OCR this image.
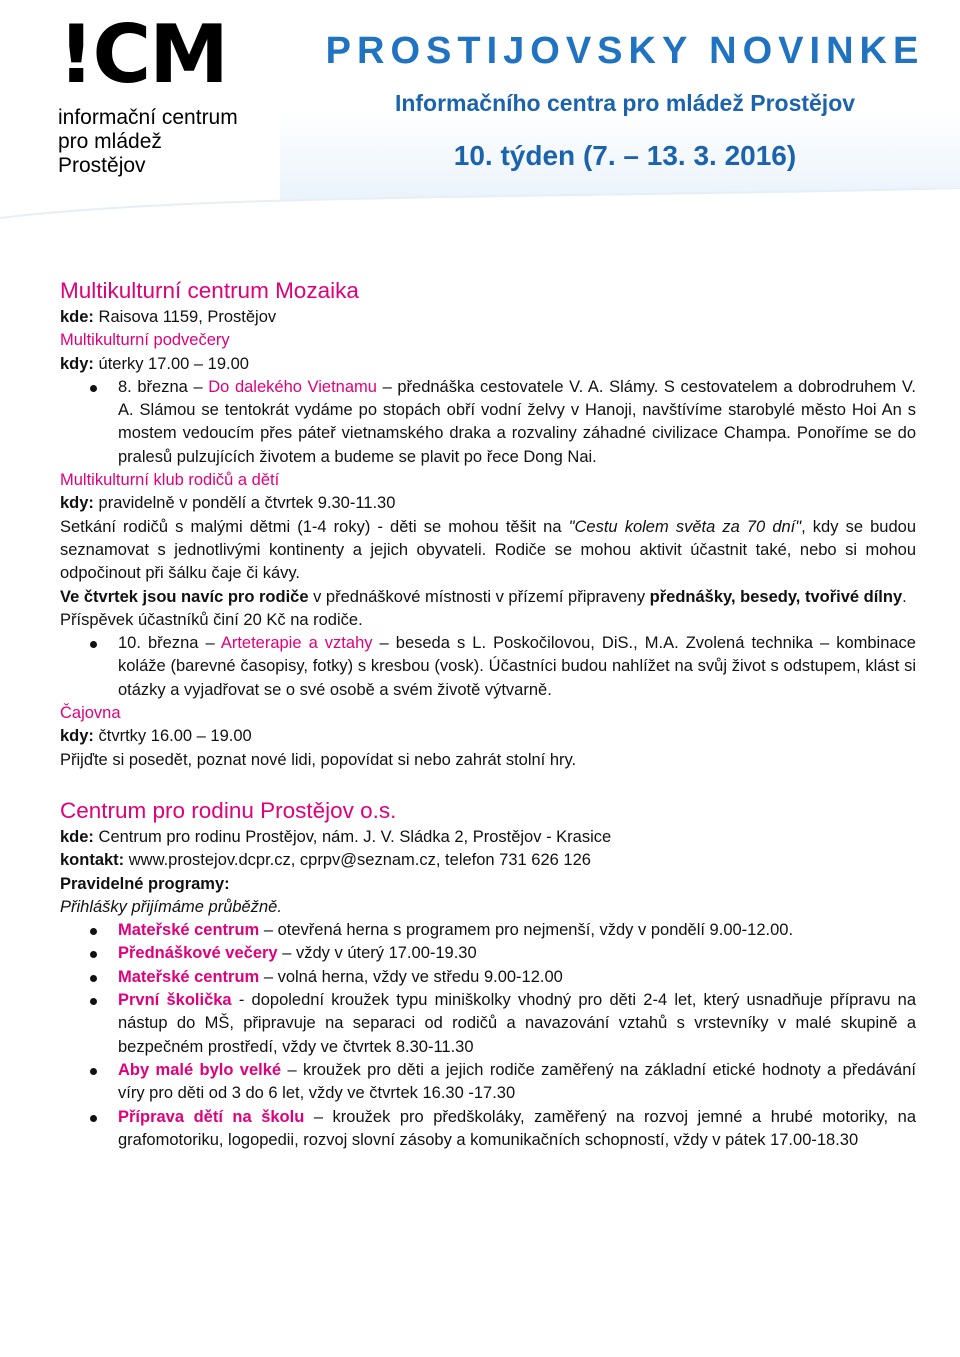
!CM
informační centrum
pro mládež
Prostějov
PROSTIJOVSKY NOVINKE
Informačního centra pro mládež Prostějov
10. týden (7. – 13. 3. 2016)
Multikulturní centrum Mozaika

kde: Raisova 1159, Prostějov

Multikulturní podvečery

kdy: úterky 17.00 – 19.00

8. března – Do dalekého Vietnamu – přednáška cestovatele V. A. Slámy. S cestovatelem a dobrodruhem V. A. Slámou se tentokrát vydáme po stopách obří vodní želvy v Hanoji, navštívíme starobylé město Hoi An s mostem vedoucím přes páteř vietnamského draka a rozvaliny záhadné civilizace Champa. Ponoříme se do pralesů pulzujících životem a budeme se plavit po řece Dong Nai.

Multikulturní klub rodičů a dětí

kdy: pravidelně v pondělí a čtvrtek 9.30-11.30

Setkání rodičů s malými dětmi (1-4 roky) - děti se mohou těšit na "Cestu kolem světa za 70 dní", kdy se budou seznamovat s jednotlivými kontinenty a jejich obyvateli. Rodiče se mohou aktivit účastnit také, nebo si mohou odpočinout při šálku čaje či kávy.

Ve čtvrtek jsou navíc pro rodiče v přednáškové místnosti v přízemí připraveny přednášky, besedy, tvořivé dílny.

Příspěvek účastníků činí 20 Kč na rodiče.

10. března – Arteterapie a vztahy – beseda s L. Poskočilovou, DiS., M.A. Zvolená technika – kombinace koláže (barevné časopisy, fotky) s kresbou (vosk). Účastníci budou nahlížet na svůj život s odstupem, klást si otázky a vyjadřovat se o své osobě a svém životě výtvarně.

Čajovna

kdy: čtvrtky 16.00 – 19.00

Přijďte si posedět, poznat nové lidi, popovídat si nebo zahrát stolní hry.

Centrum pro rodinu Prostějov o.s.

kde: Centrum pro rodinu Prostějov, nám. J. V. Sládka 2, Prostějov - Krasice

kontakt: www.prostejov.dcpr.cz, cprpv@seznam.cz, telefon 731 626 126

Pravidelné programy:

Přihlášky přijímáme průběžně.

Mateřské centrum – otevřená herna s programem pro nejmenší, vždy v pondělí 9.00-12.00.
Přednáškové večery – vždy v úterý 17.00-19.30
Mateřské centrum – volná herna, vždy ve středu 9.00-12.00
První školička - dopolední kroužek typu miniškolky vhodný pro děti 2-4 let, který usnadňuje přípravu na nástup do MŠ, připravuje na separaci od rodičů a navazování vztahů s vrstevníky v malé skupině a bezpečném prostředí, vždy ve čtvrtek 8.30-11.30
Aby malé bylo velké – kroužek pro děti a jejich rodiče zaměřený na základní etické hodnoty a předávání víry pro děti od 3 do 6 let, vždy ve čtvrtek 16.30 -17.30
Příprava dětí na školu – kroužek pro předškoláky, zaměřený na rozvoj jemné a hrubé motoriky, na grafomotoriku, logopedii, rozvoj slovní zásoby a komunikačních schopností, vždy v pátek 17.00-18.30
